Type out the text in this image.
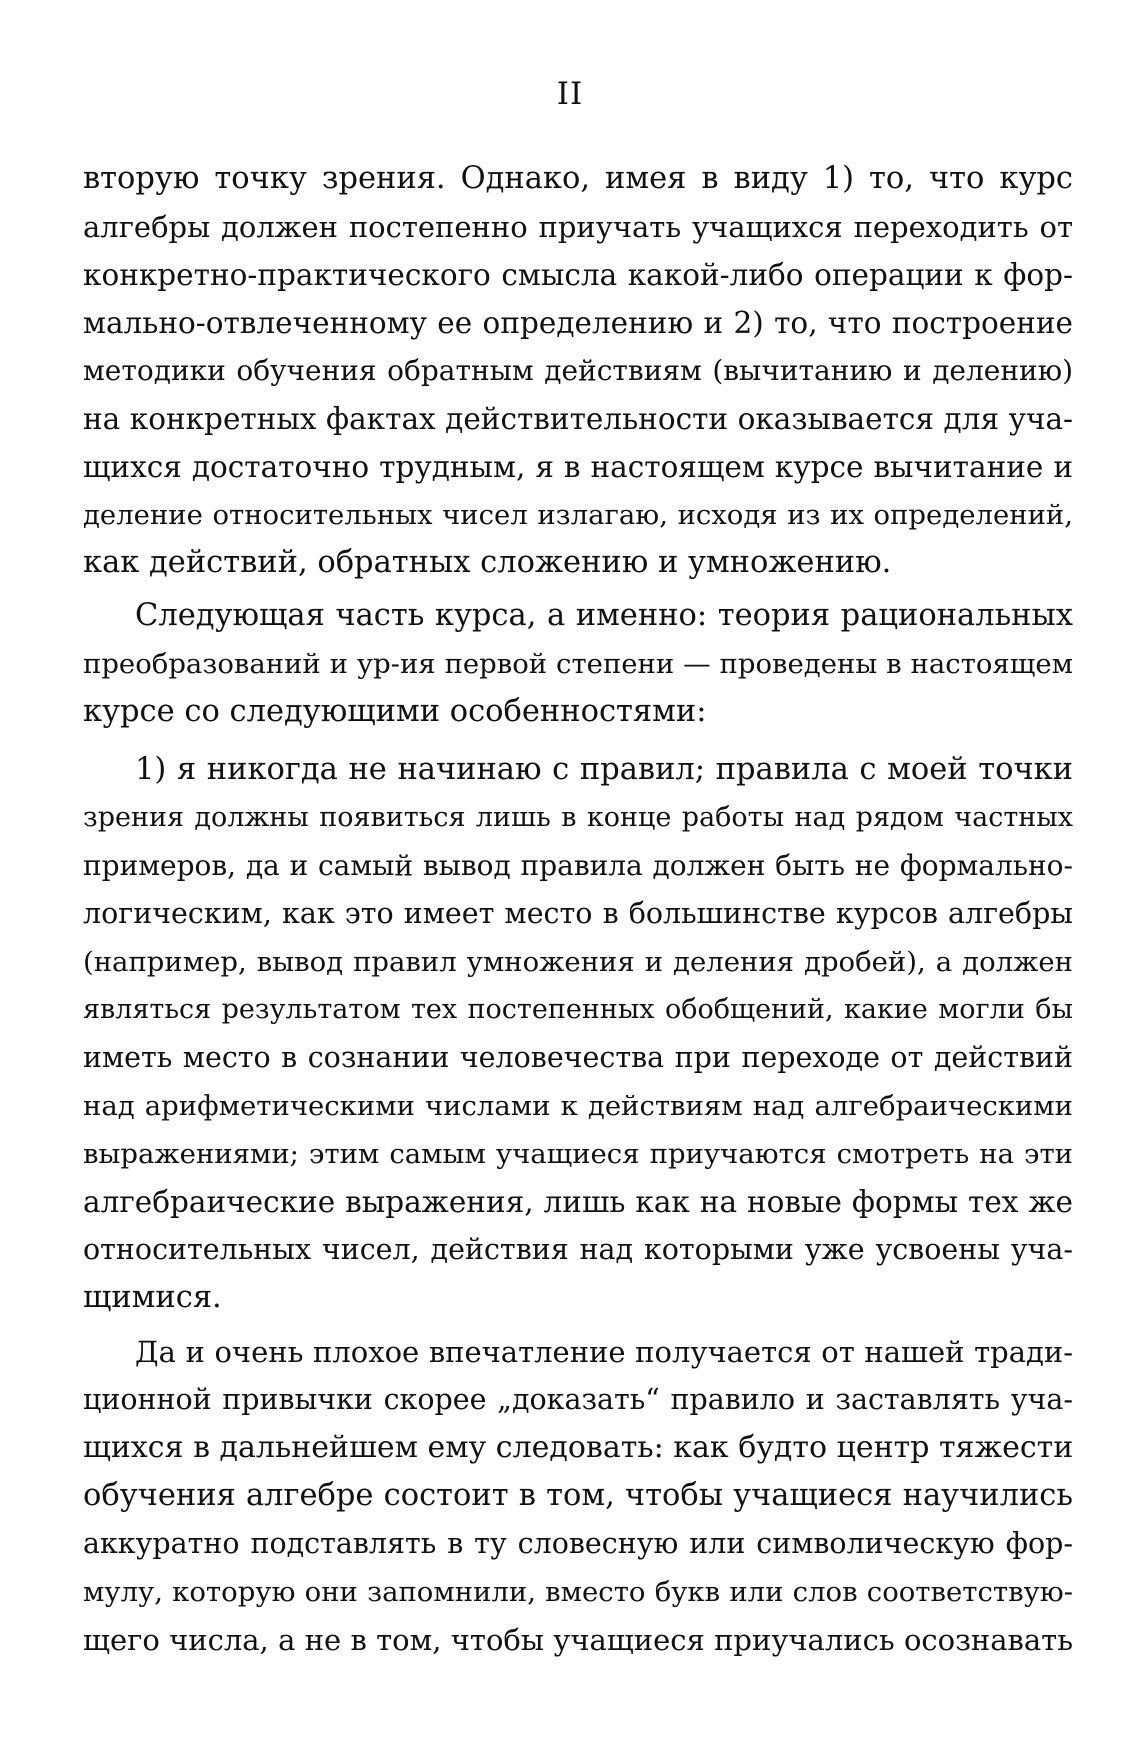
II
вторую точку зрения. Однако, имея в виду 1) то, что курс
алгебры должен постепенно приучать учащихся переходить от
конкретно-практического смысла какой-либо операции к фор-
мально-отвлеченному ее определению и 2) то, что построение
методики обучения обратным действиям (вычитанию и делению)
на конкретных фактах действительности оказывается для уча-
щихся достаточно трудным, я в настоящем курсе вычитание и
деление относительных чисел излагаю, исходя из их определений,
как действий, обратных сложению и умножению.
Следующая часть курса, а именно: теория рациональных
преобразований и ур-ия первой степени — проведены в настоящем
курсе со следующими особенностями:
1) я никогда не начинаю с правил; правила с моей точки
зрения должны появиться лишь в конце работы над рядом частных
примеров, да и самый вывод правила должен быть не формально-
логическим, как это имеет место в большинстве курсов алгебры
(например, вывод правил умножения и деления дробей), а должен
являться результатом тех постепенных обобщений, какие могли бы
иметь место в сознании человечества при переходе от действий
над арифметическими числами к действиям над алгебраическими
выражениями; этим самым учащиеся приучаются смотреть на эти
алгебраические выражения, лишь как на новые формы тех же
относительных чисел, действия над которыми уже усвоены уча-
щимися.
Да и очень плохое впечатление получается от нашей тради-
ционной привычки скорее „доказать“ правило и заставлять уча-
щихся в дальнейшем ему следовать: как будто центр тяжести
обучения алгебре состоит в том, чтобы учащиеся научились
аккуратно подставлять в ту словесную или символическую фор-
мулу, которую они запомнили, вместо букв или слов соответствую-
щего числа, а не в том, чтобы учащиеся приучались осознавать
